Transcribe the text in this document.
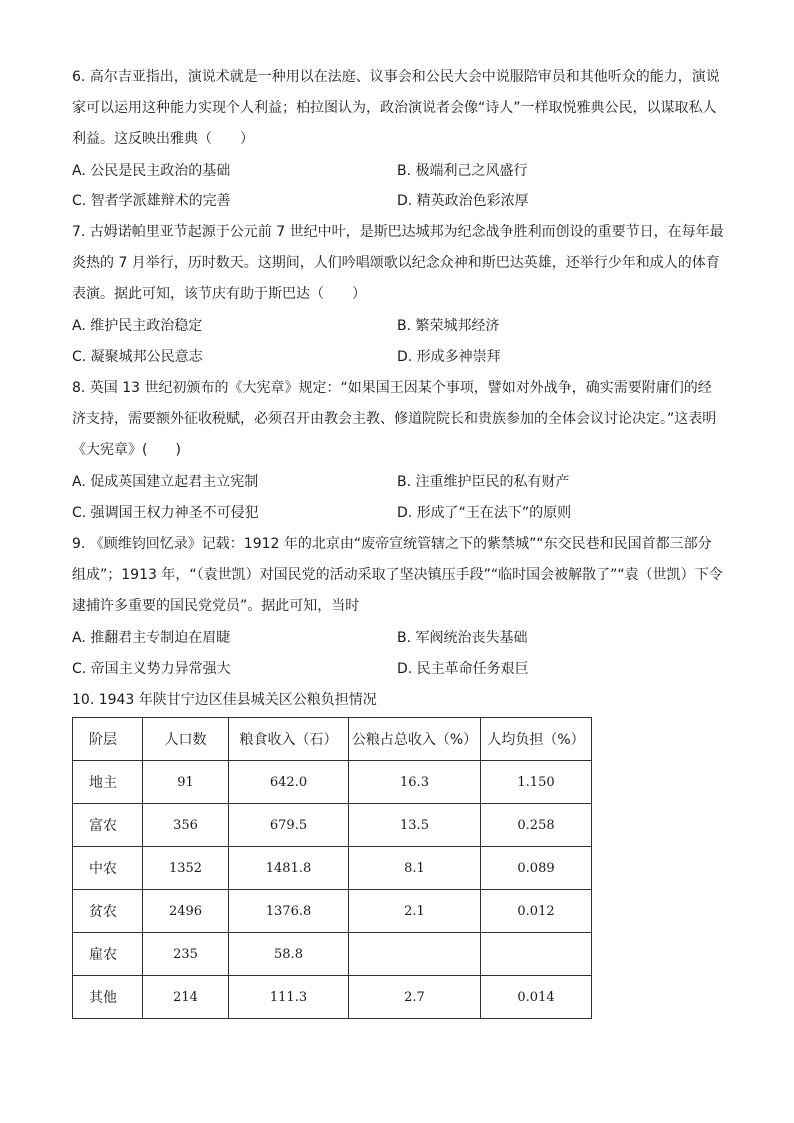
6. 高尔吉亚指出，演说术就是一种用以在法庭、议事会和公民大会中说服陪审员和其他听众的能力，演说家可以运用这种能力实现个人利益；柏拉图认为，政治演说者会像“诗人”一样取悦雅典公民，以谋取私人利益。这反映出雅典（　　）

A. 公民是民主政治的基础	B. 极端利己之风盛行
C. 智者学派雄辩术的完善	D. 精英政治色彩浓厚

7. 古姆诺帕里亚节起源于公元前 7 世纪中叶，是斯巴达城邦为纪念战争胜利而创设的重要节日，在每年最炎热的 7 月举行，历时数天。这期间，人们吟唱颂歌以纪念众神和斯巴达英雄，还举行少年和成人的体育表演。据此可知，该节庆有助于斯巴达（　　）

A. 维护民主政治稳定	B. 繁荣城邦经济
C. 凝聚城邦公民意志	D. 形成多神崇拜

8. 英国 13 世纪初颁布的《大宪章》规定：“如果国王因某个事项，譬如对外战争，确实需要附庸们的经济支持，需要额外征收税赋，必须召开由教会主教、修道院院长和贵族参加的全体会议讨论决定。”这表明《大宪章》(　　)

A. 促成英国建立起君主立宪制	B. 注重维护臣民的私有财产
C. 强调国王权力神圣不可侵犯	D. 形成了“王在法下”的原则

9. 《顾维钧回忆录》记载：1912 年的北京由“废帝宣统管辖之下的紫禁城”“东交民巷和民国首都三部分组成”；1913 年，“（袁世凯）对国民党的活动采取了坚决镇压手段”“临时国会被解散了”“袁（世凯）下令逮捕许多重要的国民党党员”。据此可知，当时

A. 推翻君主专制迫在眉睫	B. 军阀统治丧失基础
C. 帝国主义势力异常强大	D. 民主革命任务艰巨
10. 1943 年陕甘宁边区佳县城关区公粮负担情况
阶层	人口数	粮食收入（石）	公粮占总收入（%）	人均负担（%）
地主	91	642.0	16.3	1.150
富农	356	679.5	13.5	0.258
中农	1352	1481.8	8.1	0.089
贫农	2496	1376.8	2.1	0.012
雇农	235	58.8		
其他	214	111.3	2.7	0.014
